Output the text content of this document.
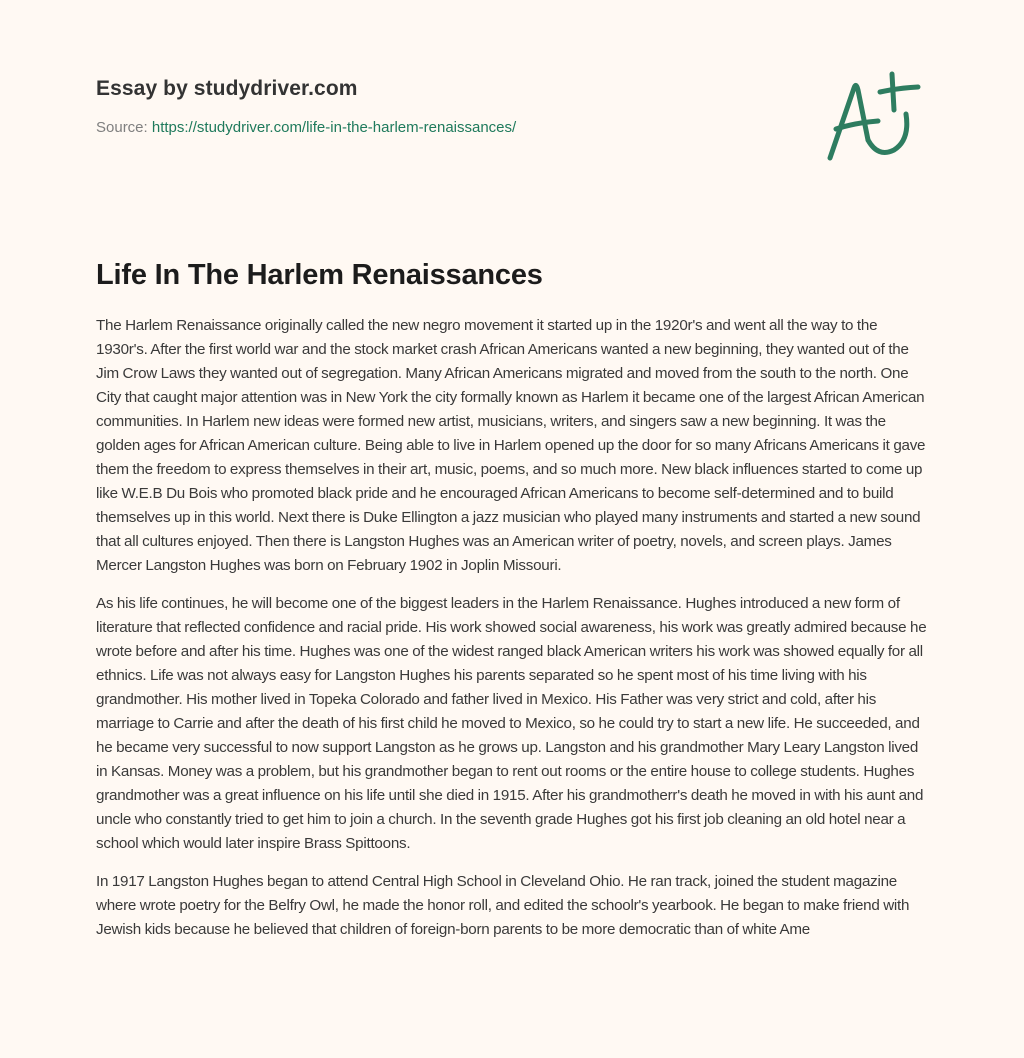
Essay by studydriver.com
Source: https://studydriver.com/life-in-the-harlem-renaissances/
Life In The Harlem Renaissances

The Harlem Renaissance originally called the new negro movement it started up in the 1920r's and went all the way to the 1930r's. After the first world war and the stock market crash African Americans wanted a new beginning, they wanted out of the Jim Crow Laws they wanted out of segregation. Many African Americans migrated and moved from the south to the north. One City that caught major attention was in New York the city formally known as Harlem it became one of the largest African American communities. In Harlem new ideas were formed new artist, musicians, writers, and singers saw a new beginning. It was the golden ages for African American culture. Being able to live in Harlem opened up the door for so many Africans Americans it gave them the freedom to express themselves in their art, music, poems, and so much more. New black influences started to come up like W.E.B Du Bois who promoted black pride and he encouraged African Americans to become self-determined and to build themselves up in this world. Next there is Duke Ellington a jazz musician who played many instruments and started a new sound that all cultures enjoyed. Then there is Langston Hughes was an American writer of poetry, novels, and screen plays. James Mercer Langston Hughes was born on February 1902 in Joplin Missouri.

As his life continues, he will become one of the biggest leaders in the Harlem Renaissance. Hughes introduced a new form of literature that reflected confidence and racial pride. His work showed social awareness, his work was greatly admired because he wrote before and after his time. Hughes was one of the widest ranged black American writers his work was showed equally for all ethnics. Life was not always easy for Langston Hughes his parents separated so he spent most of his time living with his grandmother. His mother lived in Topeka Colorado and father lived in Mexico. His Father was very strict and cold, after his marriage to Carrie and after the death of his first child he moved to Mexico, so he could try to start a new life. He succeeded, and he became very successful to now support Langston as he grows up. Langston and his grandmother Mary Leary Langston lived in Kansas. Money was a problem, but his grandmother began to rent out rooms or the entire house to college students. Hughes grandmother was a great influence on his life until she died in 1915. After his grandmotherr's death he moved in with his aunt and uncle who constantly tried to get him to join a church. In the seventh grade Hughes got his first job cleaning an old hotel near a school which would later inspire Brass Spittoons.

In 1917 Langston Hughes began to attend Central High School in Cleveland Ohio. He ran track, joined the student magazine where wrote poetry for the Belfry Owl, he made the honor roll, and edited the schoolr's yearbook. He began to make friend with Jewish kids because he believed that children of foreign-born parents to be more democratic than of white Ame
